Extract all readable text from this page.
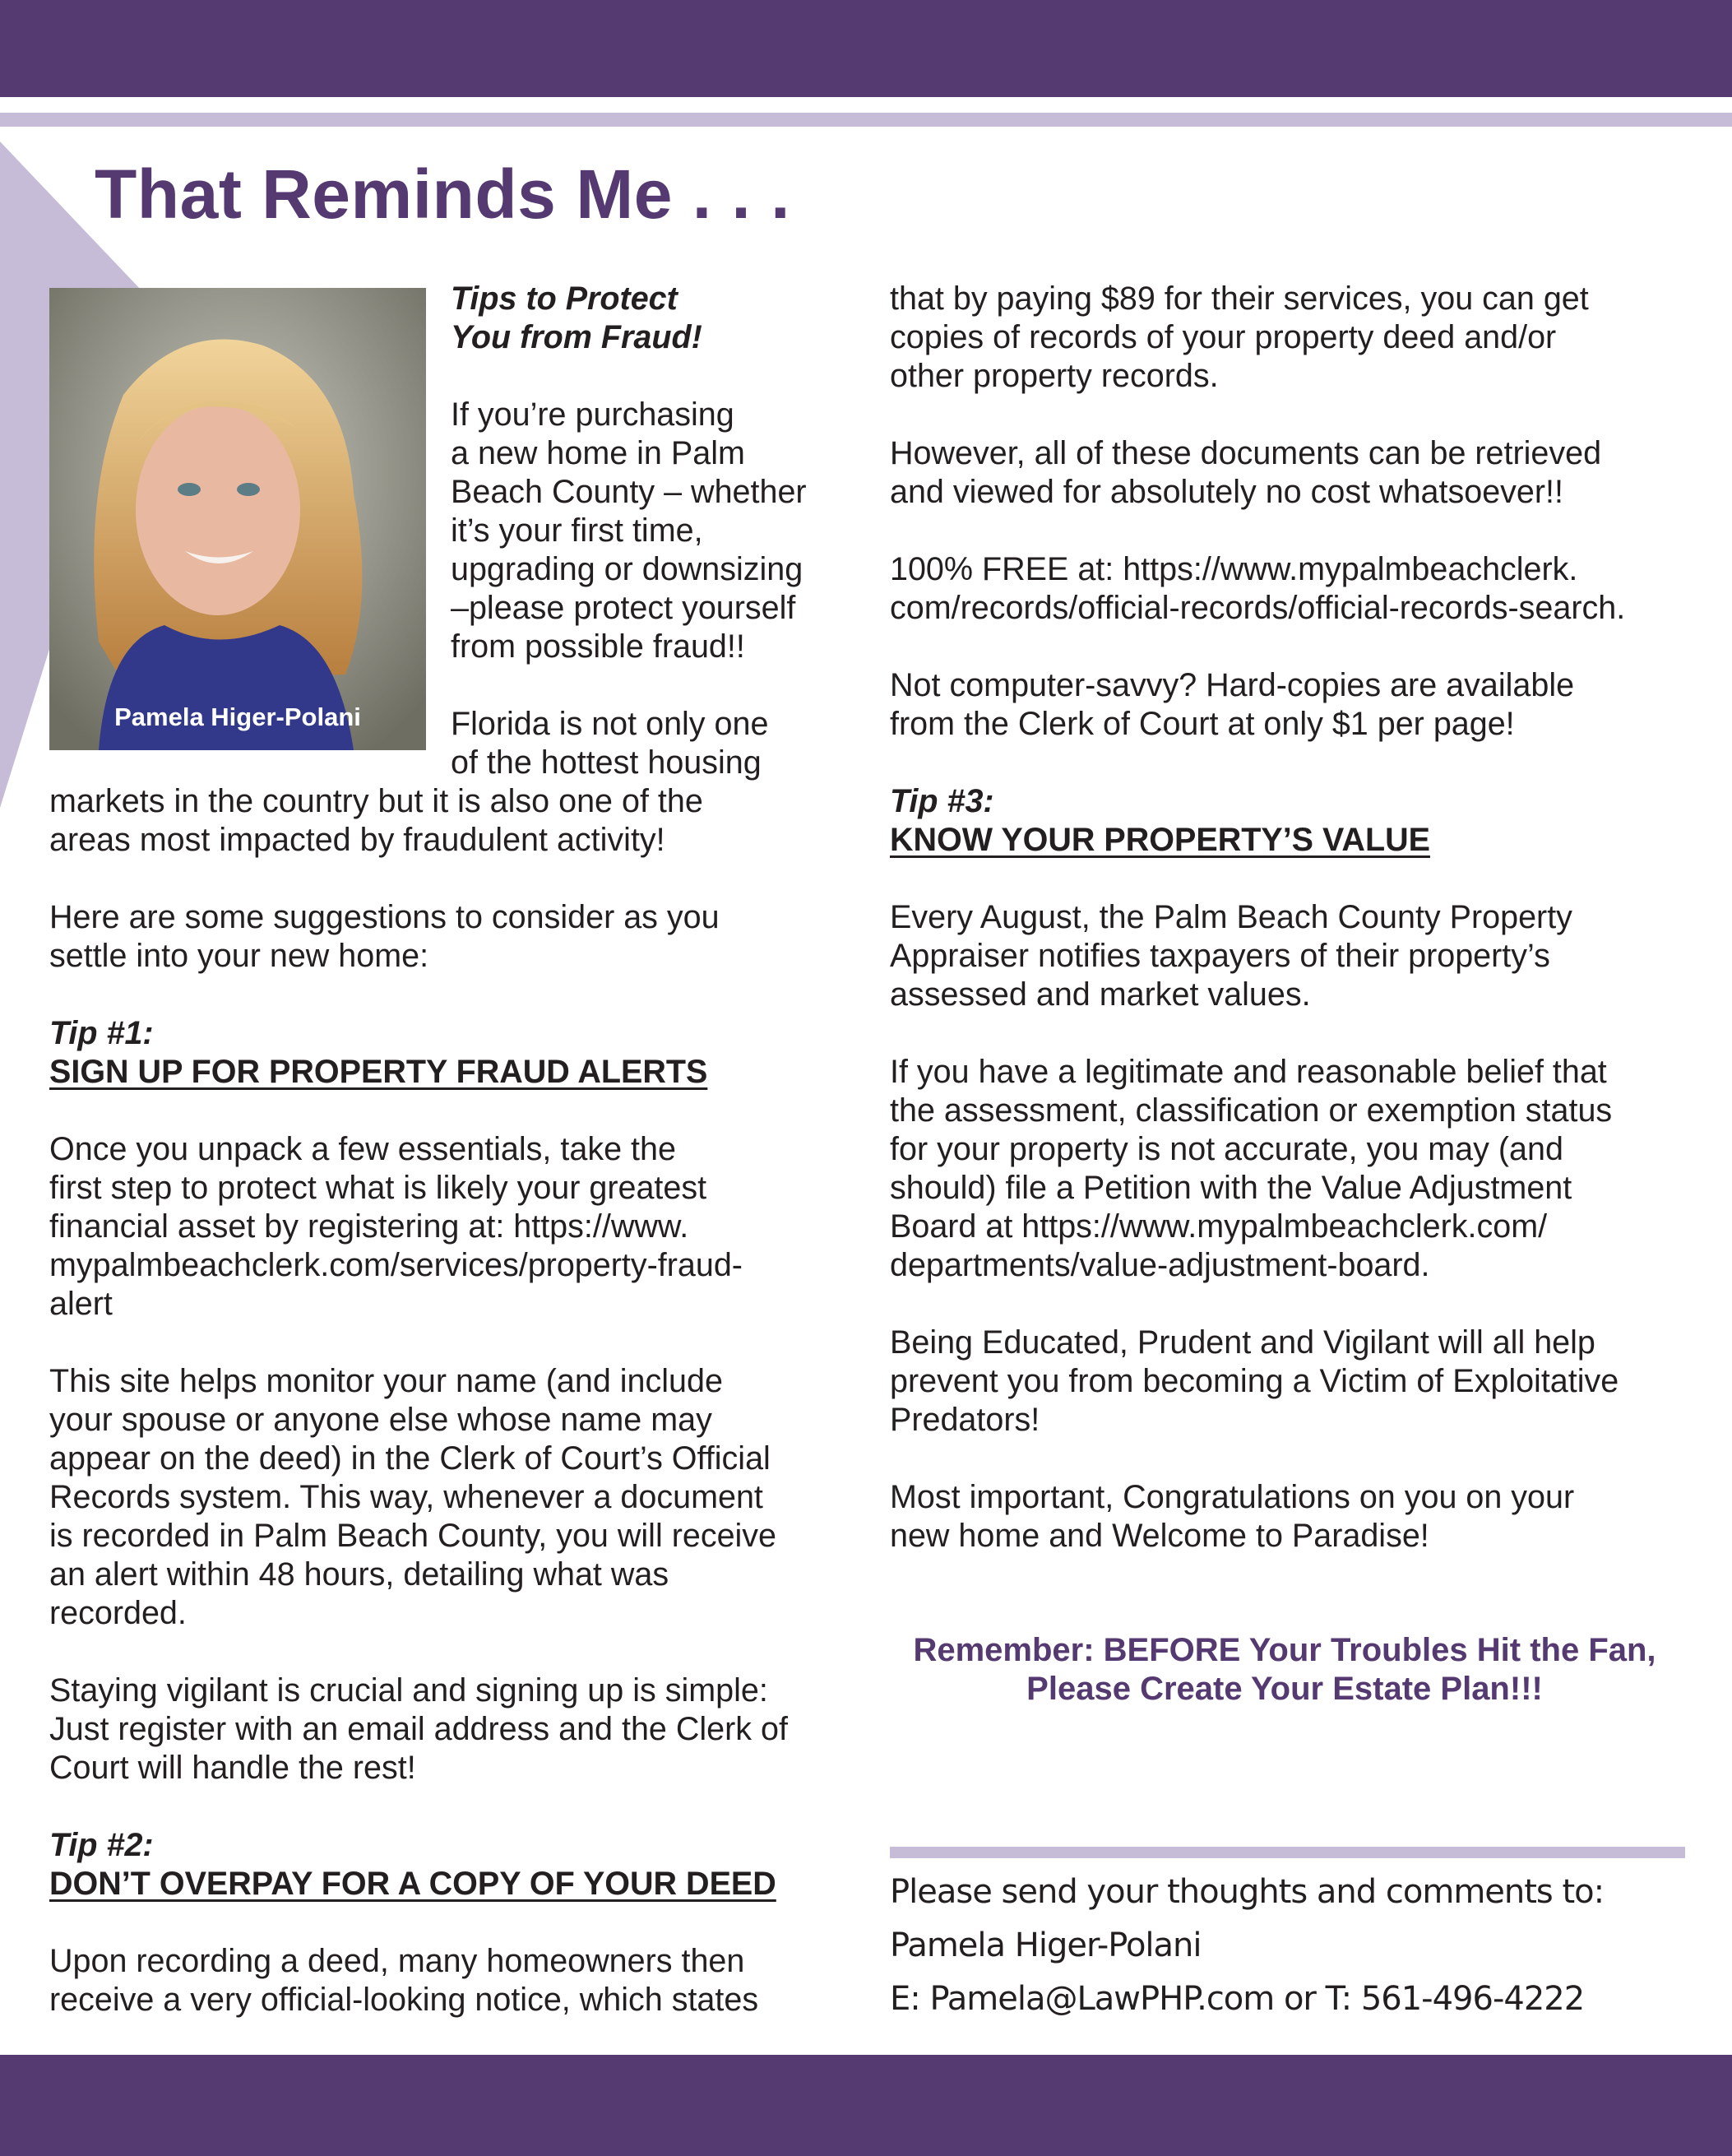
That Reminds Me . . .
Pamela Higer-Polani
Tips to Protect
You from Fraud!

If you’re purchasing
a new home in Palm
Beach County – whether
it’s your first time,
upgrading or downsizing
–please protect yourself
from possible fraud!!

Florida is not only one
of the hottest housing

markets in the country but it is also one of the
areas most impacted by fraudulent activity!

Here are some suggestions to consider as you
settle into your new home:

Tip #1:

SIGN UP FOR PROPERTY FRAUD ALERTS

Once you unpack a few essentials, take the
first step to protect what is likely your greatest
financial asset by registering at: https://www.
mypalmbeachclerk.com/services/property-fraud-
alert

This site helps monitor your name (and include
your spouse or anyone else whose name may
appear on the deed) in the Clerk of Court’s Official
Records system. This way, whenever a document
is recorded in Palm Beach County, you will receive
an alert within 48 hours, detailing what was
recorded.

Staying vigilant is crucial and signing up is simple:
Just register with an email address and the Clerk of
Court will handle the rest!

Tip #2:

DON’T OVERPAY FOR A COPY OF YOUR DEED

Upon recording a deed, many homeowners then
receive a very official-looking notice, which states

that by paying $89 for their services, you can get
copies of records of your property deed and/or
other property records.

However, all of these documents can be retrieved
and viewed for absolutely no cost whatsoever!!

100% FREE at: https://www.mypalmbeachclerk.
com/records/official-records/official-records-search.

Not computer-savvy? Hard-copies are available
from the Clerk of Court at only $1 per page!

Tip #3:

KNOW YOUR PROPERTY’S VALUE

Every August, the Palm Beach County Property
Appraiser notifies taxpayers of their property’s
assessed and market values.

If you have a legitimate and reasonable belief that
the assessment, classification or exemption status
for your property is not accurate, you may (and
should) file a Petition with the Value Adjustment
Board at https://www.mypalmbeachclerk.com/
departments/value-adjustment-board.

Being Educated, Prudent and Vigilant will all help
prevent you from becoming a Victim of Exploitative
Predators!

Most important, Congratulations on you on your
new home and Welcome to Paradise!

Remember: BEFORE Your Troubles Hit the Fan,
Please Create Your Estate Plan!!!
Please send your thoughts and comments to:
Pamela Higer-Polani
E: Pamela@LawPHP.com or T: 561-496-4222
